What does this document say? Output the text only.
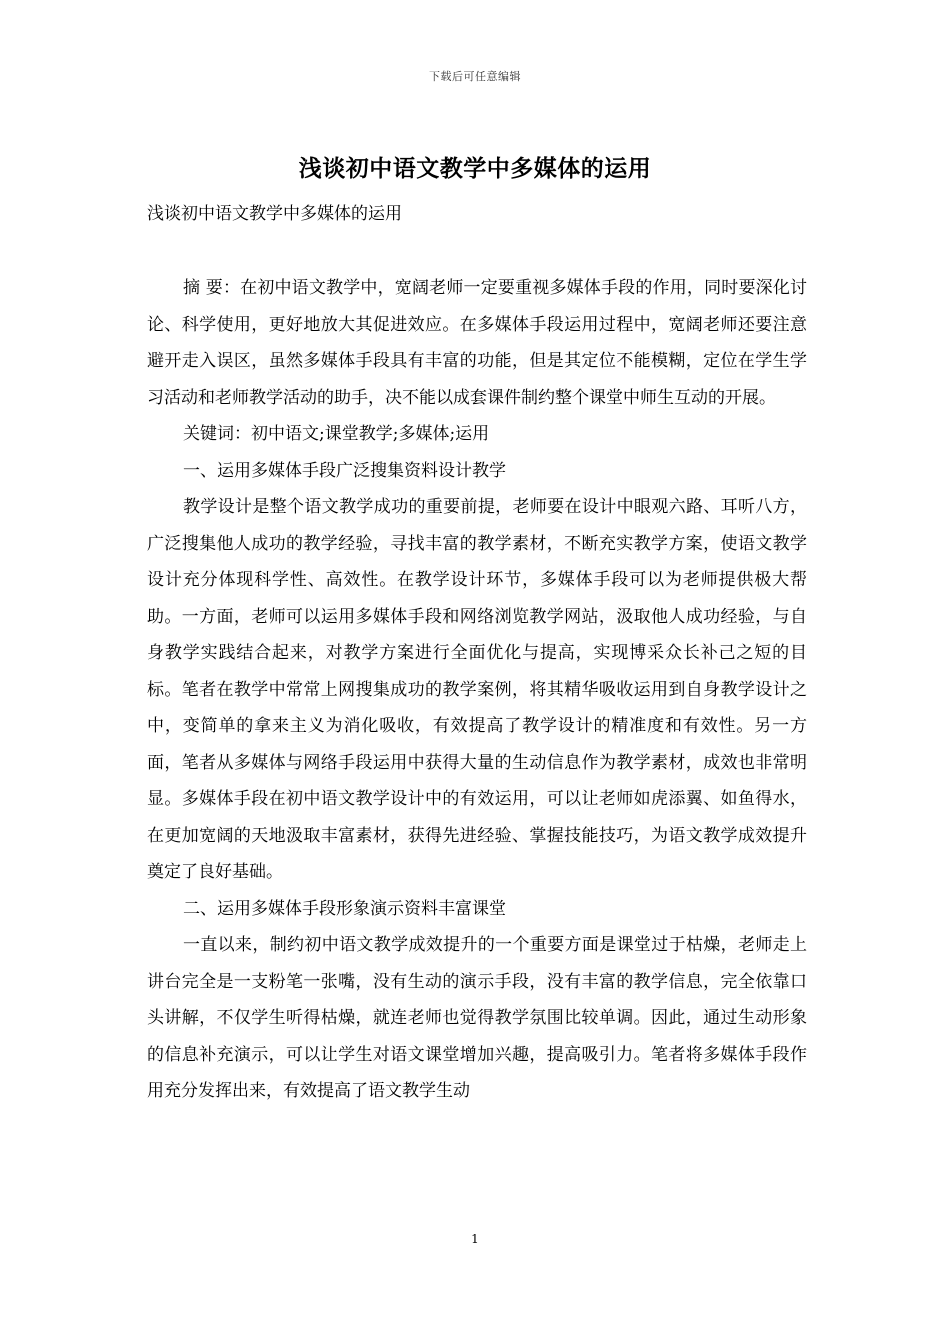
下载后可任意编辑
浅谈初中语文教学中多媒体的运用
浅谈初中语文教学中多媒体的运用

摘 要：在初中语文教学中，宽阔老师一定要重视多媒体手段的作用，同时要深化讨论、科学使用，更好地放大其促进效应。在多媒体手段运用过程中，宽阔老师还要注意避开走入误区，虽然多媒体手段具有丰富的功能，但是其定位不能模糊，定位在学生学习活动和老师教学活动的助手，决不能以成套课件制约整个课堂中师生互动的开展。

关键词：初中语文;课堂教学;多媒体;运用

一、运用多媒体手段广泛搜集资料设计教学

教学设计是整个语文教学成功的重要前提，老师要在设计中眼观六路、耳听八方，广泛搜集他人成功的教学经验，寻找丰富的教学素材，不断充实教学方案，使语文教学设计充分体现科学性、高效性。在教学设计环节，多媒体手段可以为老师提供极大帮助。一方面，老师可以运用多媒体手段和网络浏览教学网站，汲取他人成功经验，与自身教学实践结合起来，对教学方案进行全面优化与提高，实现博采众长补己之短的目标。笔者在教学中常常上网搜集成功的教学案例，将其精华吸收运用到自身教学设计之中，变简单的拿来主义为消化吸收，有效提高了教学设计的精准度和有效性。另一方面，笔者从多媒体与网络手段运用中获得大量的生动信息作为教学素材，成效也非常明显。多媒体手段在初中语文教学设计中的有效运用，可以让老师如虎添翼、如鱼得水，在更加宽阔的天地汲取丰富素材，获得先进经验、掌握技能技巧，为语文教学成效提升奠定了良好基础。

二、运用多媒体手段形象演示资料丰富课堂

一直以来，制约初中语文教学成效提升的一个重要方面是课堂过于枯燥，老师走上讲台完全是一支粉笔一张嘴，没有生动的演示手段，没有丰富的教学信息，完全依靠口头讲解，不仅学生听得枯燥，就连老师也觉得教学氛围比较单调。因此，通过生动形象的信息补充演示，可以让学生对语文课堂增加兴趣，提高吸引力。笔者将多媒体手段作用充分发挥出来，有效提高了语文教学生动

1
